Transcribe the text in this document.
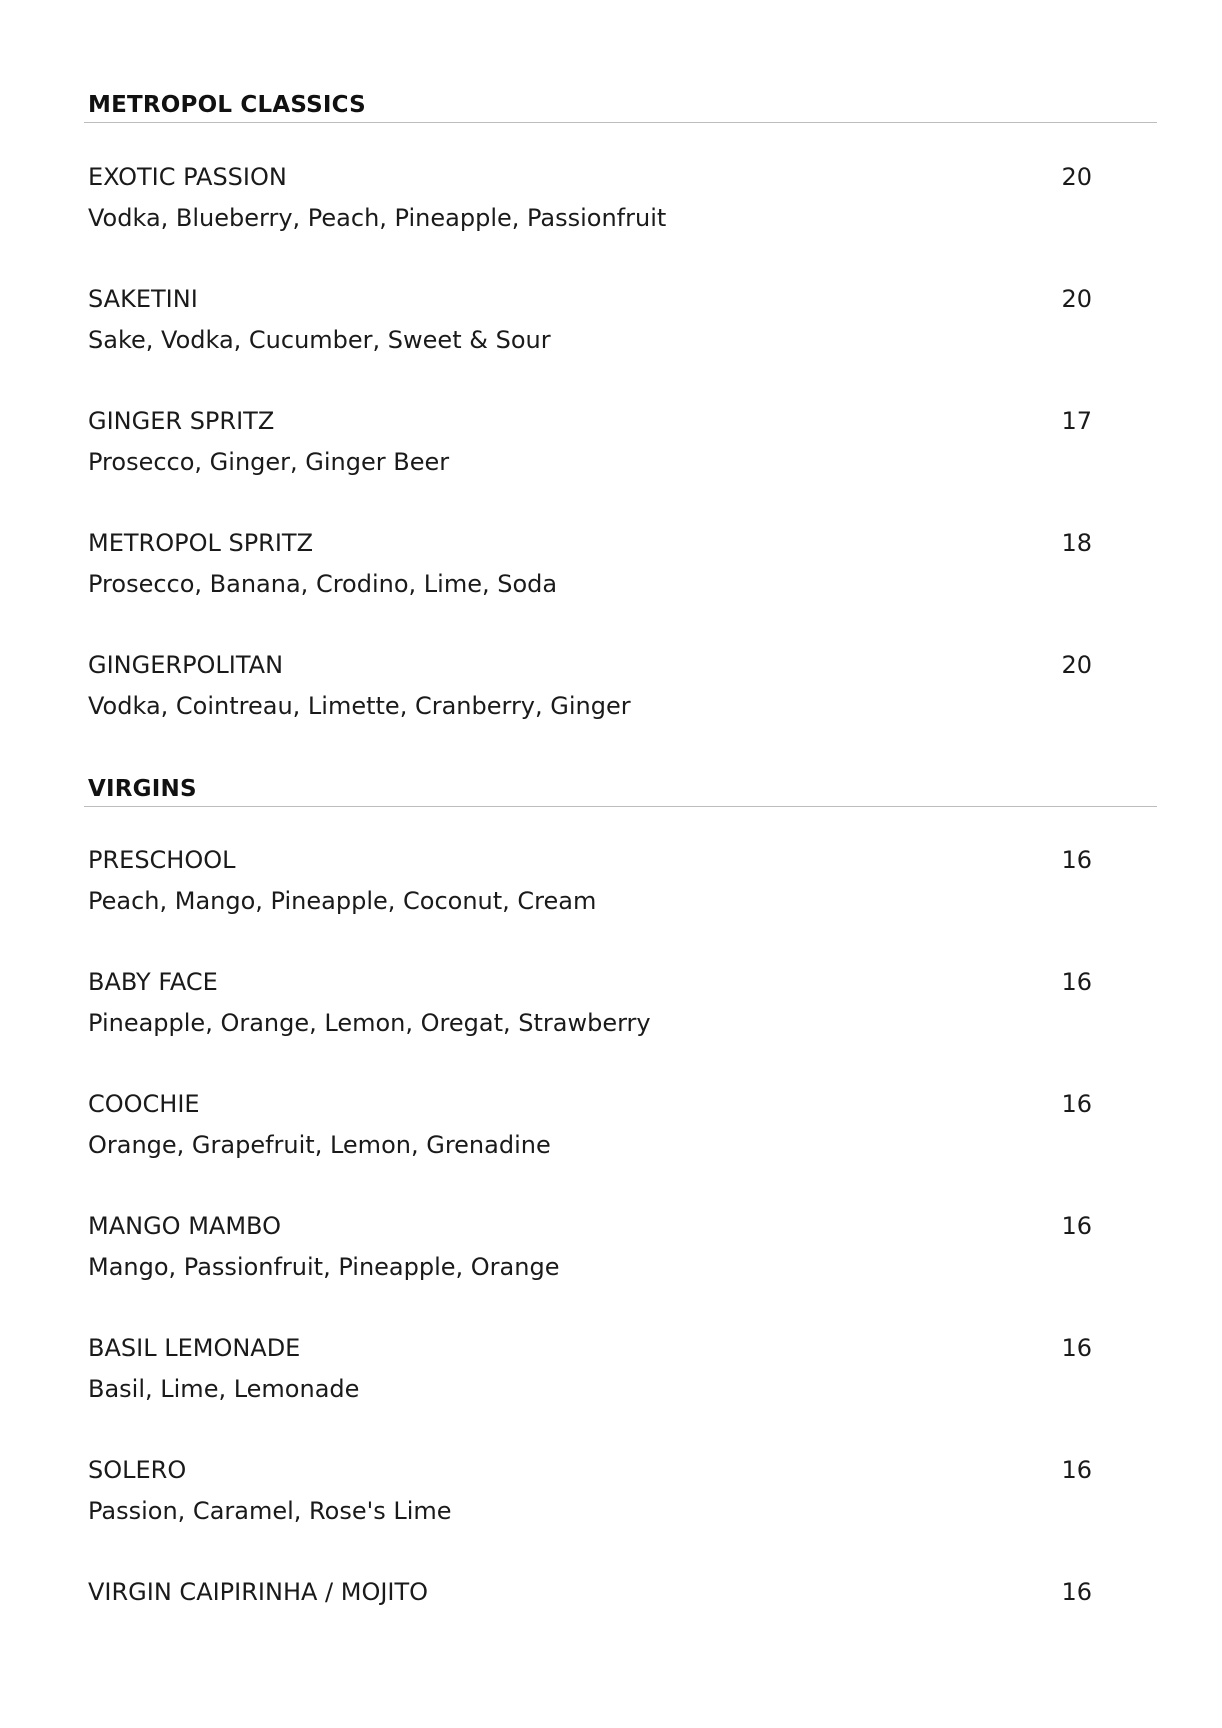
METROPOL CLASSICS
EXOTIC PASSION	20
Vodka, Blueberry, Peach, Pineapple, Passionfruit
SAKETINI	20
Sake, Vodka, Cucumber, Sweet & Sour
GINGER SPRITZ	17
Prosecco, Ginger, Ginger Beer
METROPOL SPRITZ	18
Prosecco, Banana, Crodino, Lime, Soda
GINGERPOLITAN	20
Vodka, Cointreau, Limette, Cranberry, Ginger
VIRGINS
PRESCHOOL	16
Peach, Mango, Pineapple, Coconut, Cream
BABY FACE	16
Pineapple, Orange, Lemon, Oregat, Strawberry
COOCHIE	16
Orange, Grapefruit, Lemon, Grenadine
MANGO MAMBO	16
Mango, Passionfruit, Pineapple, Orange
BASIL LEMONADE	16
Basil, Lime, Lemonade
SOLERO	16
Passion, Caramel, Rose's Lime
VIRGIN CAIPIRINHA / MOJITO	16
